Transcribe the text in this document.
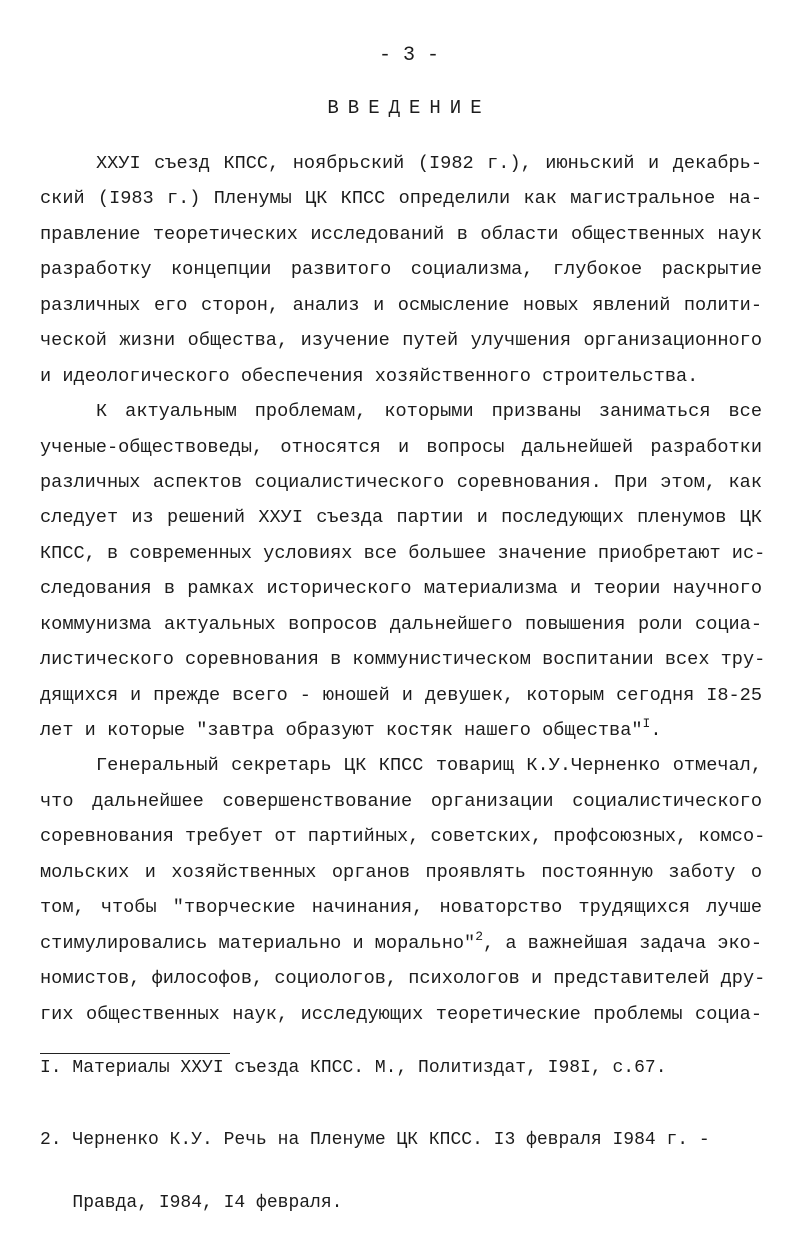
- 3 -
ВВЕДЕНИЕ
XXУI съезд КПСС, ноябрьский (I982 г.), июньский и декабрь-
ский (I983 г.) Пленумы ЦК КПСС определили как магистральное на-
правление теоретических исследований в области общественных наук
разработку концепции развитого социализма, глубокое раскрытие
различных его сторон, анализ и осмысление новых явлений полити-
ческой жизни общества, изучение путей улучшения организационного
и идеологического обеспечения хозяйственного строительства.
К актуальным проблемам, которыми призваны заниматься все
ученые-обществоведы, относятся и вопросы дальнейшей разработки
различных аспектов социалистического соревнования. При этом, как
следует из решений XXУI съезда партии и последующих пленумов ЦК
КПСС, в современных условиях все большее значение приобретают ис-
следования в рамках исторического материализма и теории научного
коммунизма актуальных вопросов дальнейшего повышения роли социа-
листического соревнования в коммунистическом воспитании всех тру-
дящихся и прежде всего - юношей и девушек, которым сегодня I8-25
лет и которые "завтра образуют костяк нашего общества"$^I$.
Генеральный секретарь ЦК КПСС товарищ К.У.Черненко отмечал,
что дальнейшее совершенствование организации социалистического
соревнования требует от партийных, советских, профсоюзных, комсо-
мольских и хозяйственных органов проявлять постоянную заботу о
том, чтобы "творческие начинания, новаторство трудящихся лучше
стимулировались материально и морально"$^2$, а важнейшая задача эко-
номистов, философов, социологов, психологов и представителей дру-
гих общественных наук, исследующих теоретические проблемы социа-
I. Материалы XXУI съезда КПСС. М., Политиздат, I98I, с.67.

2. Черненко К.У. Речь на Пленуме ЦК КПСС. I3 февраля I984 г. -

Правда, I984, I4 февраля.
